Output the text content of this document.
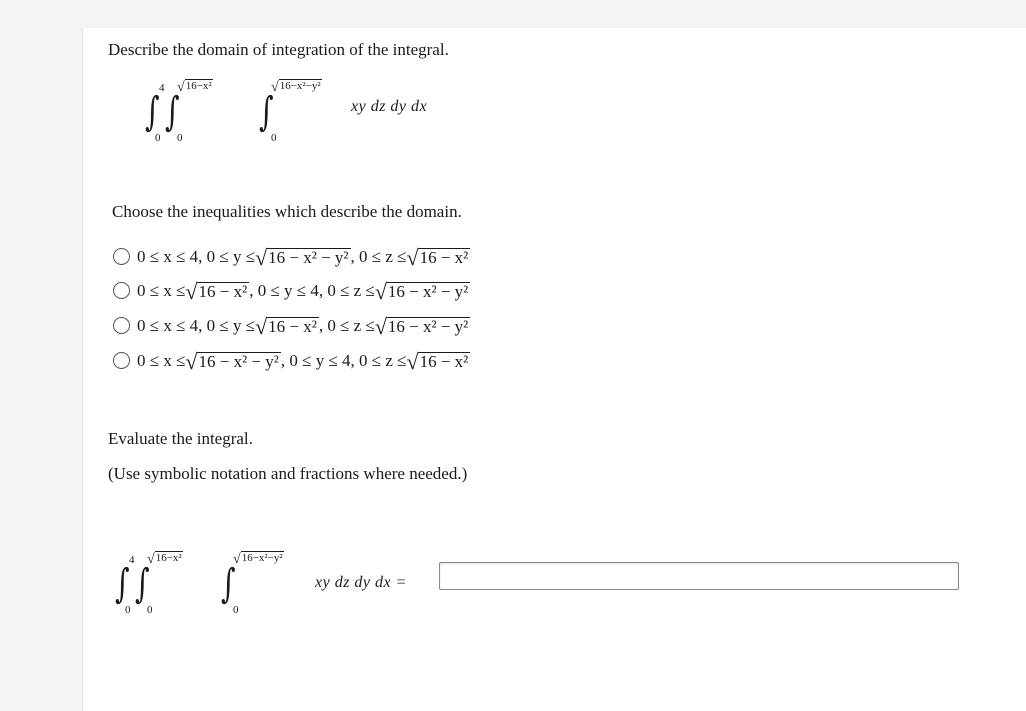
Describe the domain of integration of the integral.
∫
4
0
∫
√16−x²
0
∫
√16−x²−y²
0
xy dz dy dx
Choose the inequalities which describe the domain.
0 ≤ x ≤ 4, 0 ≤ y ≤ √ 16 − x² − y² , 0 ≤ z ≤ √ 16 − x²
0 ≤ x ≤ √ 16 − x² , 0 ≤ y ≤ 4, 0 ≤ z ≤ √ 16 − x² − y²
0 ≤ x ≤ 4, 0 ≤ y ≤ √ 16 − x² , 0 ≤ z ≤ √ 16 − x² − y²
0 ≤ x ≤ √ 16 − x² − y² , 0 ≤ y ≤ 4, 0 ≤ z ≤ √ 16 − x²
Evaluate the integral.
(Use symbolic notation and fractions where needed.)
∫
4
0
∫
√16−x²
0
∫
√16−x²−y²
0
xy dz dy dx =
